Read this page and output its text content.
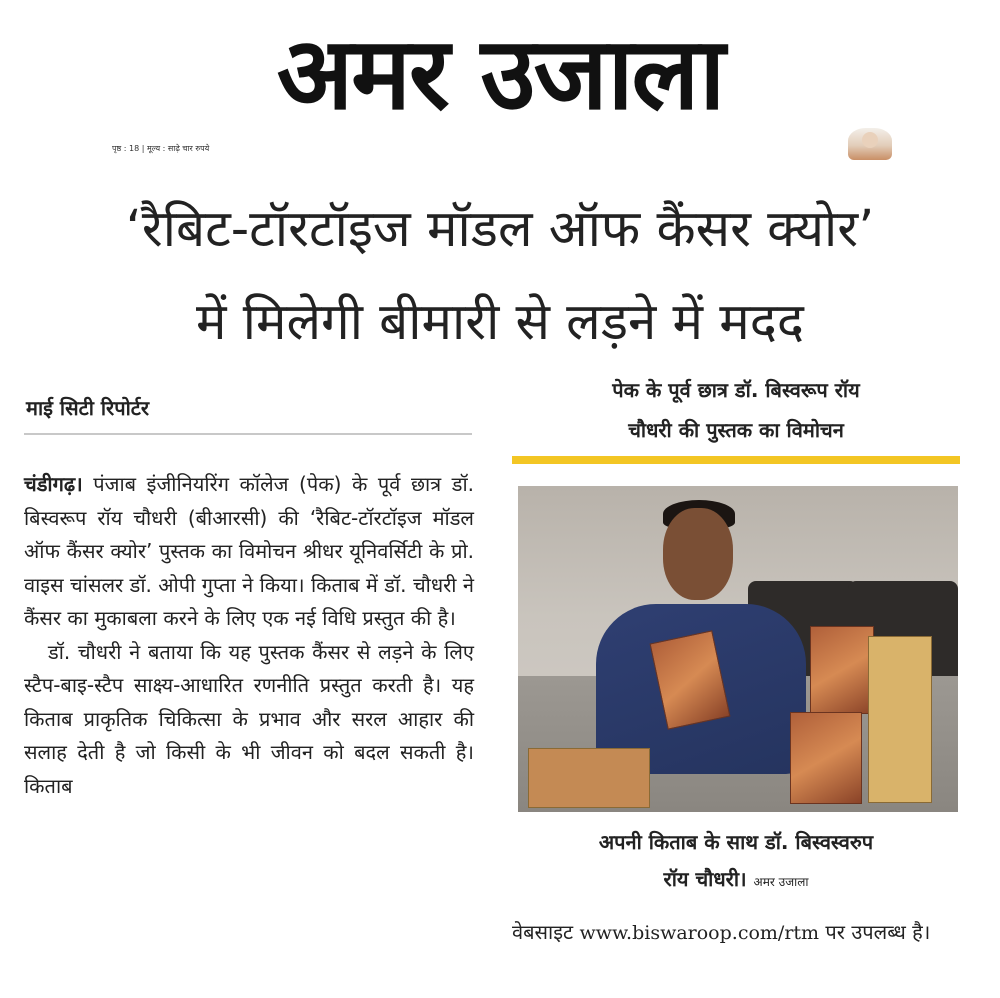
अमर उजाला
पृष्ठ : 18 | मूल्य : साढ़े चार रुपये
‘रैबिट-टॉरटॉइज मॉडल ऑफ कैंसर क्योर’
में मिलेगी बीमारी से लड़ने में मदद
माई सिटी रिपोर्टर
पेक के पूर्व छात्र डॉ. बिस्वरूप रॉय
चौधरी की पुस्तक का विमोचन

चंडीगढ़। पंजाब इंजीनियरिंग कॉलेज (पेक) के पूर्व छात्र डॉ. बिस्वरूप रॉय चौधरी (बीआरसी) की ‘रैबिट-टॉरटॉइज मॉडल ऑफ कैंसर क्योर’ पुस्तक का विमोचन श्रीधर यूनिवर्सिटी के प्रो. वाइस चांसलर डॉ. ओपी गुप्ता ने किया। किताब में डॉ. चौधरी ने कैंसर का मुकाबला करने के लिए एक नई विधि प्रस्तुत की है।

डॉ. चौधरी ने बताया कि यह पुस्तक कैंसर से लड़ने के लिए स्टैप-बाइ-स्टैप साक्ष्य-आधारित रणनीति प्रस्तुत करती है। यह किताब प्राकृतिक चिकित्सा के प्रभाव और सरल आहार की सलाह देती है जो किसी के भी जीवन को बदल सकती है। किताब

अपनी किताब के साथ डॉ. बिस्वस्वरुप
रॉय चौधरी। अमर उजाला
वेबसाइट www.biswaroop.com/rtm पर उपलब्ध है।
